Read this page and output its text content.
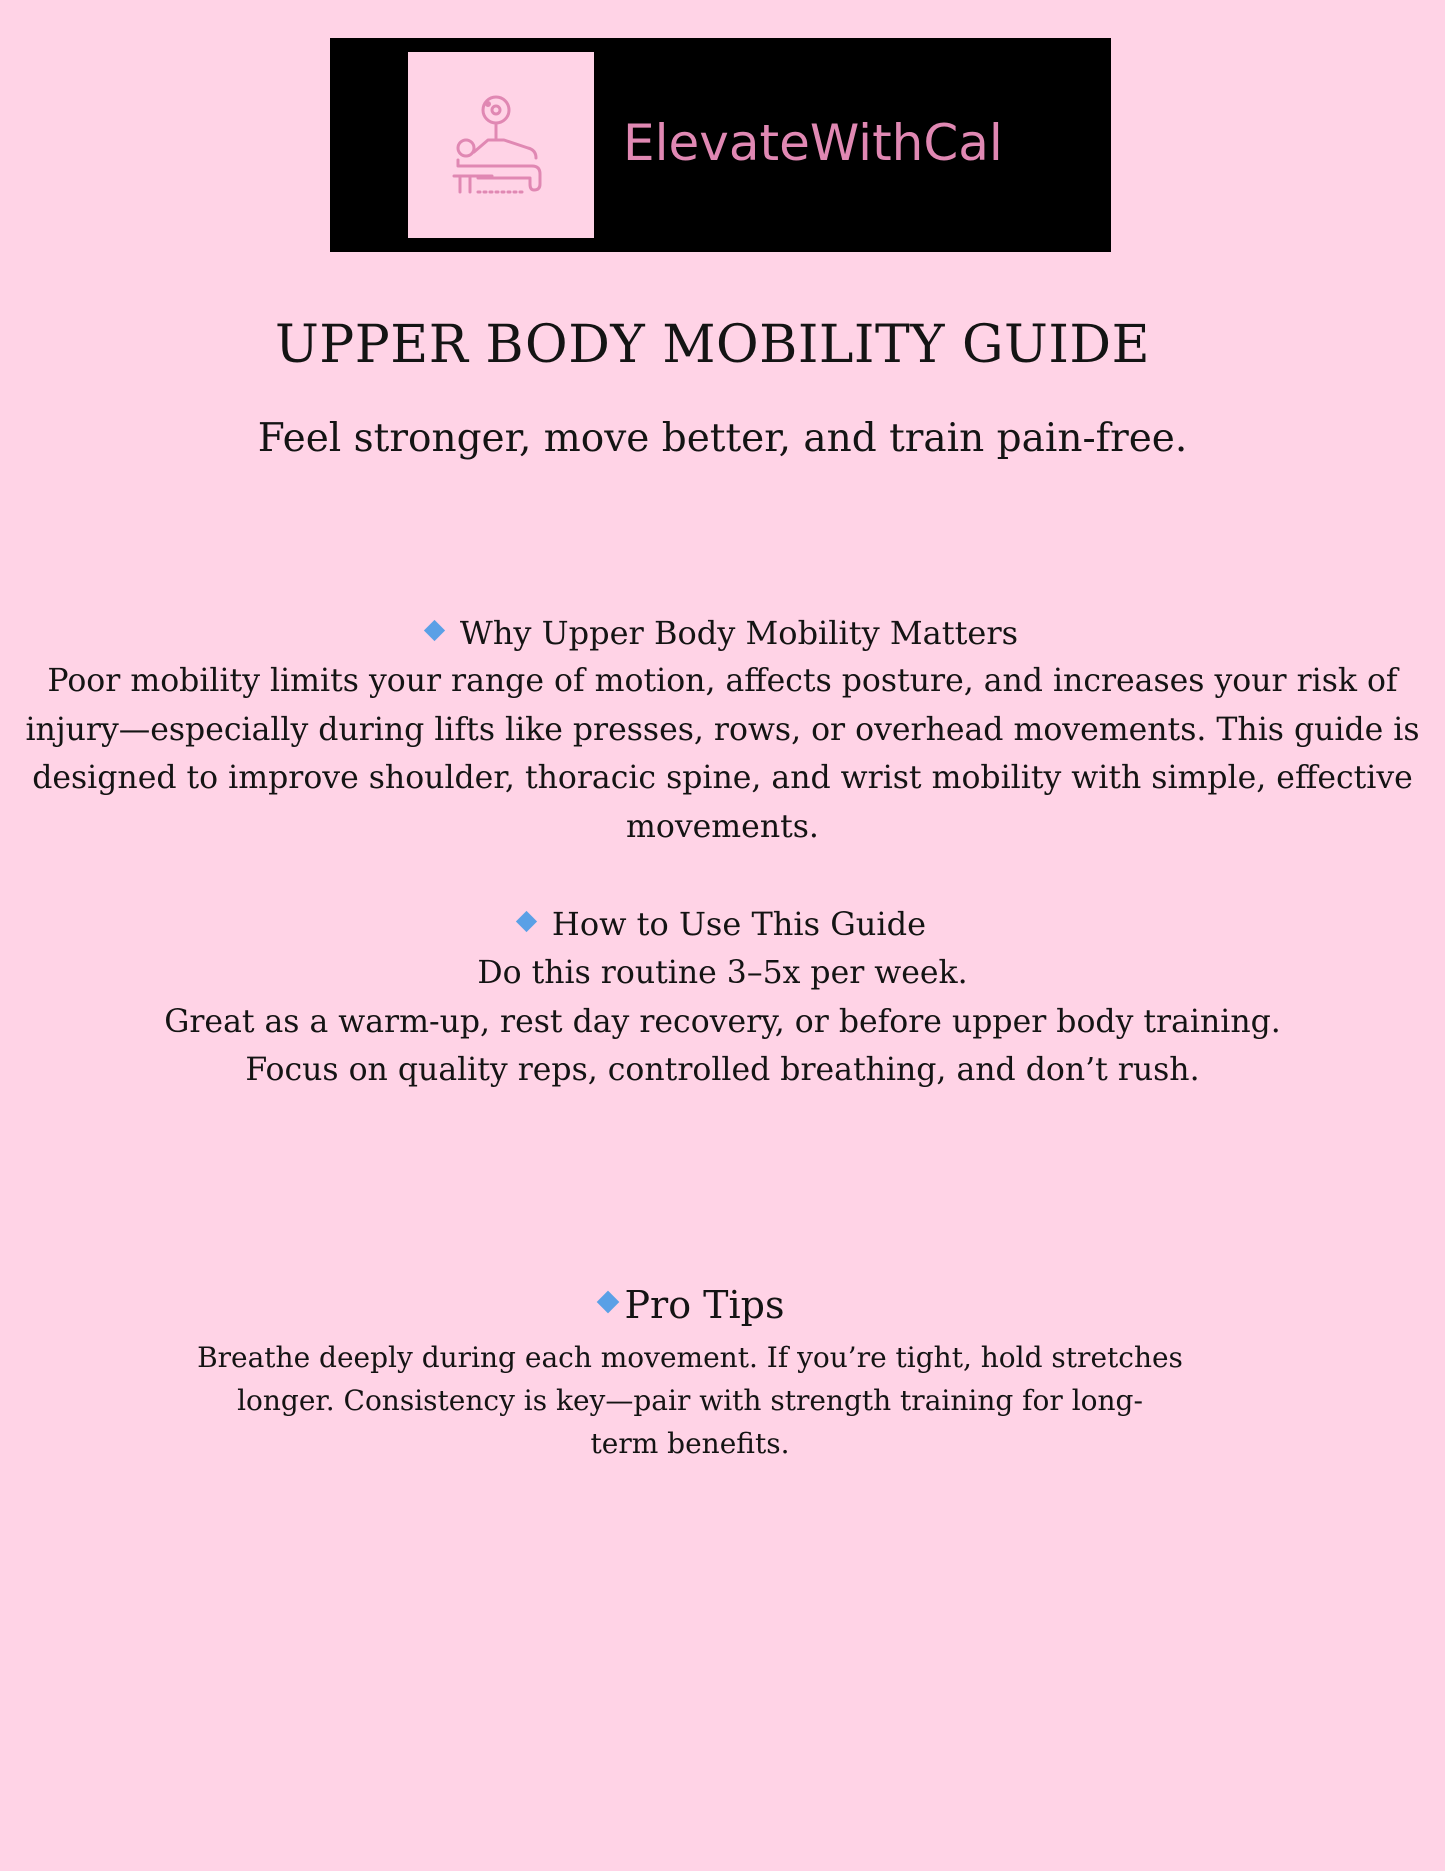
ElevateWithCal
UPPER BODY MOBILITY GUIDE
Feel stronger, move better, and train pain-free.
Why Upper Body Mobility Matters
Poor mobility limits your range of motion, affects posture, and increases your risk of
injury—especially during lifts like presses, rows, or overhead movements. This guide is
designed to improve shoulder, thoracic spine, and wrist mobility with simple, effective
movements.
How to Use This Guide
Do this routine 3–5x per week.
Great as a warm-up, rest day recovery, or before upper body training.
Focus on quality reps, controlled breathing, and don’t rush.
Pro Tips
Breathe deeply during each movement. If you’re tight, hold stretches
longer. Consistency is key—pair with strength training for long-
term benefits.
